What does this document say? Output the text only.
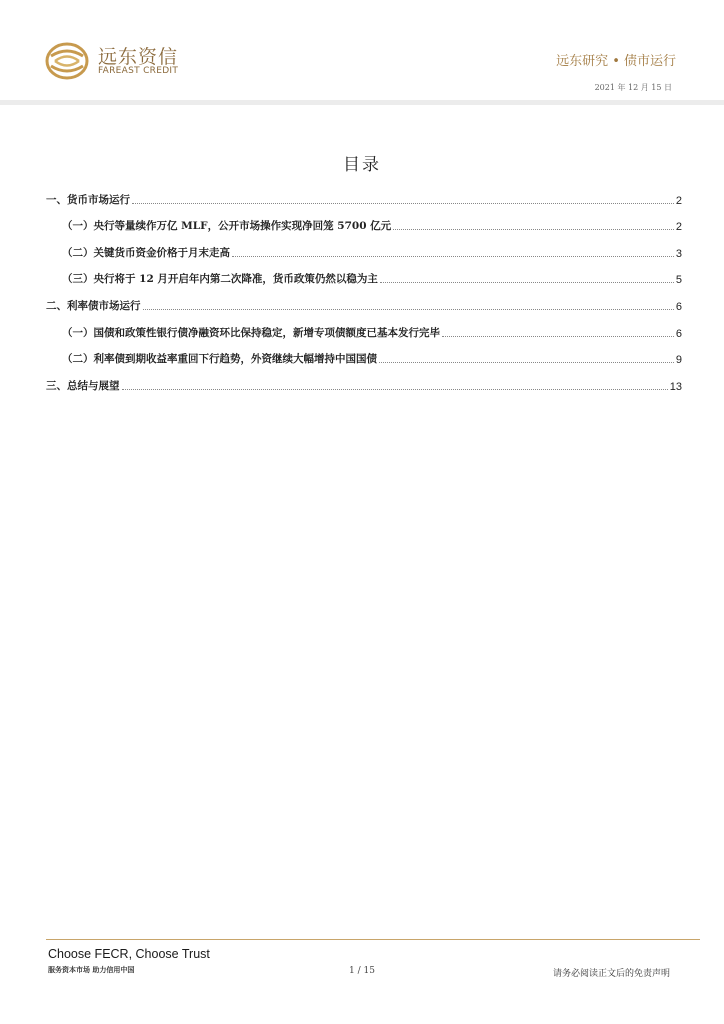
远东资信
FAREAST CREDIT
远东研究 • 债市运行
2021 年 12 月 15 日
目录
一、货币市场运行	2
（一）央行等量续作万亿 MLF，公开市场操作实现净回笼 5700 亿元	2
（二）关键货币资金价格于月末走高	3
（三）央行将于 12 月开启年内第二次降准，货币政策仍然以稳为主	5
二、利率债市场运行	6
（一）国债和政策性银行债净融资环比保持稳定，新增专项债额度已基本发行完毕	6
（二）利率债到期收益率重回下行趋势，外资继续大幅增持中国国债	9
三、总结与展望	13
Choose FECR, Choose Trust
服务资本市场 助力信用中国	1 / 15	请务必阅读正文后的免责声明
